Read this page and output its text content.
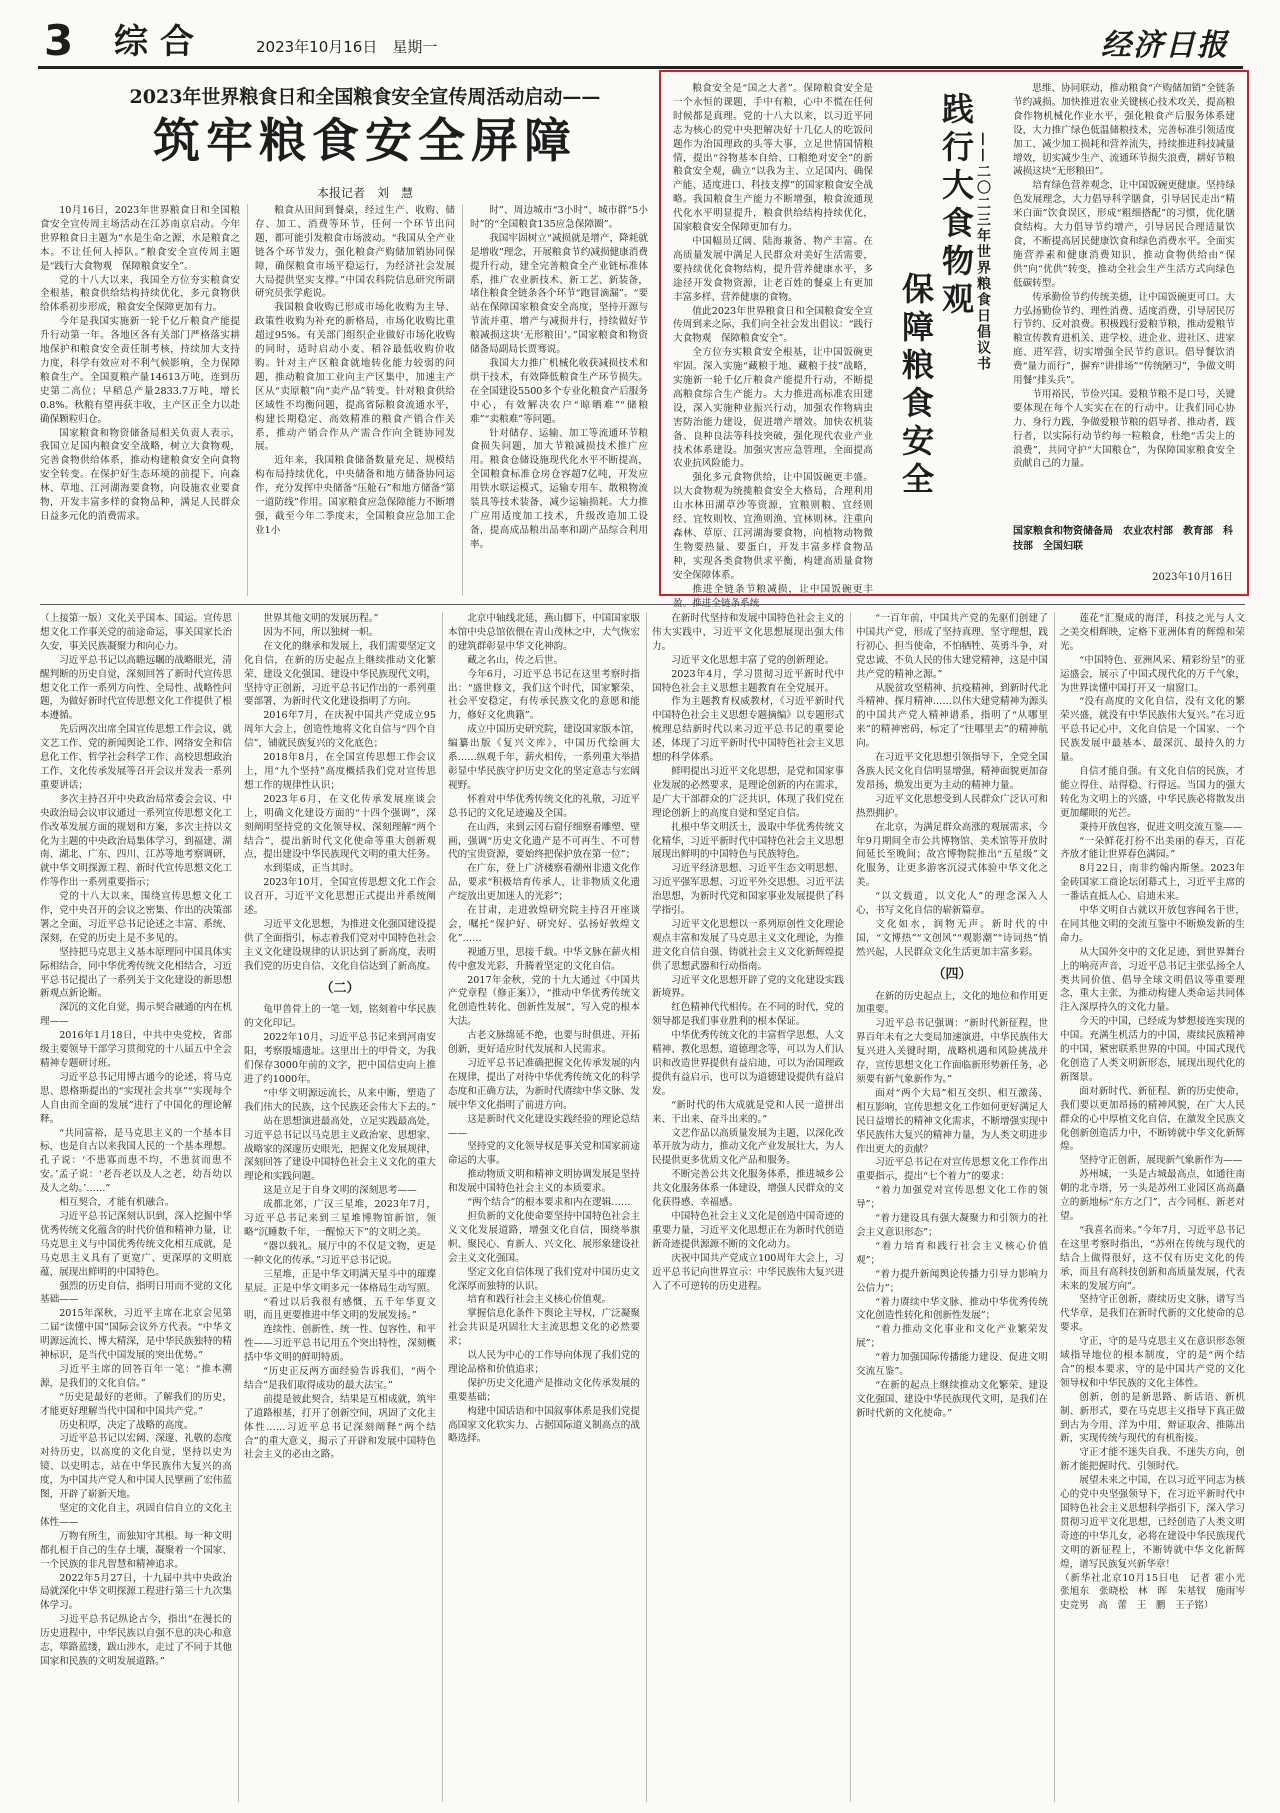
3 综合	2023年10月16日　星期一	经济日报
2023年世界粮食日和全国粮食安全宣传周活动启动——
筑牢粮食安全屏障
本报记者　刘　慧

10月16日，2023年世界粮食日和全国粮食安全宣传周主场活动在江苏南京启动。今年世界粮食日主题为“水是生命之源，水是粮食之本。不让任何人掉队。”粮食安全宣传周主题是“践行大食物观　保障粮食安全”。

党的十八大以来，我国全方位夯实粮食安全根基，粮食供给结构持续优化，多元食物供给体系初步形成，粮食安全保障更加有力。

今年是我国实施新一轮千亿斤粮食产能提升行动第一年。各地区各有关部门严格落实耕地保护和粮食安全责任制考核，持续加大支持力度，科学有效应对不利气候影响，全力保障粮食生产。全国夏粮产量14613万吨，连到历史第二高位；早稻总产量2833.7万吨，增长0.8%。秋粮有望再获丰收，主产区正全力以赴确保颗粒归仓。

国家粮食和物资储备局相关负责人表示，我国立足国内粮食安全战略，树立大食物观，完善食物供给体系，推动构建粮食安全向食物安全转变。在保护好生态环境的前提下，向森林、草地、江河湖海要食物，向设施农业要食物，开发丰富多样的食物品种，满足人民群众日益多元化的消费需求。

粮食从田间到餐桌，经过生产、收购、储存、加工、消费等环节，任何一个环节出问题，都可能引发粮食市场波动。“我国从全产业链各个环节发力，强化粮食产购储加销协同保障，确保粮食市场平稳运行，为经济社会发展大局提供坚实支撑。”中国农科院信息研究所副研究员张学彪说。

我国粮食收购已形成市场化收购为主导、政策性收购为补充的新格局，市场化收购比重超过95%。有关部门组织企业做好市场化收购的同时，适时启动小麦、稻谷最低收购价收购。针对主产区粮食就地转化能力较弱的问题，推动粮食加工业向主产区集中，加速主产区从“卖原粮”向“卖产品”转变。针对粮食供给区域性不均衡问题，提高省际粮食流通水平，构建长期稳定、高效精准的粮食产销合作关系，推动产销合作从产需合作向全链协同发展。

近年来，我国粮食储备数量充足、规模结构布局持续优化，中央储备和地方储备协同运作，充分发挥中央储备“压舱石”和地方储备“第一道防线”作用。国家粮食应急保障能力不断增强，截至今年二季度末，全国粮食应急加工企业1小

时”、周边城市“3小时”、城市群“5小时”的“全国粮食135应急保障圈”。

我国牢固树立“减损就是增产，降耗就是增收”理念，开展粮食节约减损健康消费提升行动，建全完善粮食全产业链标准体系，推广农业新技术、新工艺、新装备，堵住粮食全链条各个环节“跑冒滴漏”。“要站在保障国家粮食安全高度，坚持开源与节流并重、增产与减损并行，持续做好节粮减损这块‘无形粮田’。”国家粮食和物资储备局副局长贾骞说。

我国大力推广机械化收获减损技术和烘干技术，有效降低粮食生产环节损失。在全国建设5500多个专业化粮食产后服务中心，有效解决农户“晾晒难”“储粮难”“卖粮难”等问题。

针对储存、运输、加工等流通环节粮食损失问题，加大节粮减损技术推广应用。粮食仓储设施现代化水平不断提高，全国粮食标准仓房仓容超7亿吨，开发应用铁水联运模式，运输专用车、散粮物流装具等技术装备，减少运输损耗。大力推广应用适度加工技术，升级改造加工设备，提高成品粮出品率和副产品综合利用率。

粮食安全是“国之大者”。保障粮食安全是一个永恒的课题，手中有粮，心中不慌在任何时候都是真理。党的十八大以来，以习近平同志为核心的党中央把解决好十几亿人的吃饭问题作为治国理政的头等大事，立足世情国情粮情，提出“谷物基本自给、口粮绝对安全”的新粮食安全观，确立“以我为主、立足国内、确保产能、适度进口、科技支撑”的国家粮食安全战略。我国粮食生产能力不断增强，粮食流通现代化水平明显提升，粮食供给结构持续优化，国家粮食安全保障更加有力。

中国幅员辽阔、陆海兼备、物产丰富。在高质量发展中满足人民群众对美好生活需要，要持续优化食物结构，提升营养健康水平，多途径开发食物资源，让老百姓的餐桌上有更加丰富多样、营养健康的食物。

值此2023年世界粮食日和全国粮食安全宣传周到来之际，我们向全社会发出倡议：“践行大食物观　保障粮食安全”。

全方位夯实粮食安全根基，让中国饭碗更牢固。深入实施“藏粮于地、藏粮于技”战略，实施新一轮千亿斤粮食产能提升行动，不断提高粮食综合生产能力。大力推进高标准农田建设，深入实施种业振兴行动，加强农作物病虫害防治能力建设，促进增产增效。加快农机装备、良种良法等科技突破，强化现代农业产业技术体系建设。加强灾害应急管理，全面提高农业抗风险能力。

强化多元食物供给，让中国饭碗更丰盛。以大食物观为统揽粮食安全大格局，合理利用山水林田湖草沙等资源，宜粮则粮、宜经则经、宜牧则牧、宜渔则渔、宜林则林。注重向森林、草原、江河湖海要食物，向植物动物微生物要热量、要蛋白，开发丰富多样食物品种，实现各类食物供求平衡，构建高质量食物安全保障体系。

推进全链条节粮减损，让中国饭碗更丰盈。推进全链条系统

践行大食物观
保障粮食安全
——二〇二三年世界粮食日倡议书

思维、协同联动，推动粮食“产购储加销”全链条节约减损。加快推进农业关键核心技术攻关，提高粮食作物机械化作业水平，强化粮食产后服务体系建设，大力推广绿色低温储粮技术，完善标准引领适度加工、减少加工损耗和营养流失，持续推进科技减量增效，切实减少生产、流通环节损失浪费，耕好节粮减损这块“无形粮田”。

培育绿色营养观念，让中国饭碗更健康。坚持绿色发展理念，大力倡导科学膳食，引导居民走出“精米白面”饮食误区，形成“粗细搭配”的习惯，优化膳食结构。大力倡导节约增产，引导居民合理适量饮食，不断提高居民健康饮食和绿色消费水平。全面实施营养素和健康消费知识，推动食物供给由“保供”向“优供”转变，推动全社会生产生活方式向绿色低碳转型。

传承勤俭节约传统美德，让中国饭碗更可口。大力弘扬勤俭节约、理性消费、适度消费，引导居民厉行节约、反对浪费。积极践行爱粮节粮，推动爱粮节粮宣传教育进机关、进学校、进企业、进社区、进家庭、进军营，切实增强全民节约意识。倡导餐饮消费“量力而行”，摒弃“讲排场”“传统陋习”，争做文明用餐“排头兵”。

节用裕民，节俭兴国。爱粮节粮不是口号，关键要体现在每个人实实在在的行动中。让我们同心协力、身行力践，争做爱粮节粮的倡导者、推动者，践行者，以实际行动节约每一粒粮食，杜绝“舌尖上的浪费”，共同守护“大国粮仓”，为保障国家粮食安全贡献自己的力量。

国家粮食和物资储备局　农业农村部　教育部　科技部　全国妇联
2023年10月16日

（上接第一版）文化关乎国本、国运。宣传思想文化工作事关党的前途命运，事关国家长治久安，事关民族凝聚力和向心力。

习近平总书记以高瞻远瞩的战略眼光，清醒判断的历史自觉，深刻回答了新时代宣传思想文化工作一系列方向性、全局性、战略性问题，为做好新时代宣传思想文化工作提供了根本遵循。

先后两次出席全国宣传思想工作会议，就文艺工作、党的新闻舆论工作、网络安全和信息化工作、哲学社会科学工作、高校思想政治工作、文化传承发展等召开会议并发表一系列重要讲话；

多次主持召开中央政治局常委会会议、中央政治局会议审议通过一系列宣传思想文化工作改革发展方面的规划和方案，多次主持以文化为主题的中央政治局集体学习，到福建、湖南、湖北、广东、四川、江苏等地考察调研，就中华文明探源工程、新时代宣传思想文化工作等作出一系列重要指示；

党的十八大以来，围绕宣传思想文化工作，党中央召开的会议之密集、作出的决策部署之全面，习近平总书记论述之丰富、系统、深刻，在党的历史上是不多见的。

坚持把马克思主义基本原理同中国具体实际相结合，同中华优秀传统文化相结合，习近平总书记提出了一系列关于文化建设的新思想新观点新论断。

深沉的文化自觉，揭示契合融通的内在机理——

2016年1月18日，中共中央党校，省部级主要领导干部学习贯彻党的十八届五中全会精神专题研讨班。

习近平总书记用博古通今的论述，将马克思、恩格斯提出的“实现社会共享”“实现每个人自由而全面的发展”进行了中国化的理论解释。

“共同富裕，是马克思主义的一个基本目标，也是自古以来我国人民的一个基本理想。孔子说：‘不患寡而患不均，不患贫而患不安。’孟子说：‘老吾老以及人之老，幼吾幼以及人之幼。’……”

相互契合，才能有机融合。

习近平总书记深刻认识到，深入挖掘中华优秀传统文化蕴含的时代价值和精神力量，让马克思主义与中国优秀传统文化相互成就，是马克思主义具有了更宽广、更深厚的文明底蕴，展现出鲜明的中国特色。

强烈的历史自信，指明日用而不觉的文化基础——

2015年深秋，习近平主席在北京会见第二届“读懂中国”国际会议外方代表。“中华文明源远流长、博大精深，是中华民族独特的精神标识，是当代中国发展的突出优势。”

习近平主席的回答百年一笔：“推本溯源，是我们的文化自信。”

“历史是最好的老师。了解我们的历史，才能更好理解当代中国和中国共产党。”

历史积厚，决定了战略的高度。

习近平总书记以宏阔、深邃、礼敬的态度对待历史，以高度的文化自觉，坚持以史为镜、以史明志，站在中华民族伟大复兴的高度，为中国共产党人和中国人民擘画了宏伟蓝图，开辟了崭新天地。

坚定的文化自主，巩固自信自立的文化主体性——

万物有所生，而独知守其根。每一种文明都扎根于自己的生存土壤，凝聚着一个国家、一个民族的非凡智慧和精神追求。

2022年5月27日，十九届中共中央政治局就深化中华文明探源工程进行第三十九次集体学习。

习近平总书记纵论古今，指出“在漫长的历史进程中，中华民族以自强不息的决心和意志，筚路蓝缕，跋山涉水，走过了不同于其他国家和民族的文明发展道路。”

世界其他文明的发展历程。”

因为不同，所以独树一帜。

在文化的继承和发展上，我们需要坚定文化自信，在新的历史起点上继续推动文化繁荣、建设文化强国、建设中华民族现代文明，坚持守正创新，习近平总书记作出的一系列重要部署，为新时代文化建设指明了方向。

2016年7月，在庆祝中国共产党成立95周年大会上，创造性地将文化自信与“四个自信”，铺就民族复兴的文化底色；

2018年8月，在全国宣传思想工作会议上，用“九个坚持”高度概括我们党对宣传思想工作的规律性认识；

2023年6月，在文化传承发展座谈会上，明确文化建设方面的“十四个强调”，深刻阐明坚持党的文化领导权、深刻理解“两个结合”，提出新时代文化使命等重大创新观点，提出建设中华民族现代文明的重大任务。

水到渠成，正当其时。

2023年10月，全国宣传思想文化工作会议召开，习近平文化思想正式提出并系统阐述。

习近平文化思想，为推进文化强国建设提供了全面指引，标志着我们党对中国特色社会主义文化建设规律的认识达到了新高度，表明我们党的历史自信、文化自信达到了新高度。

（二）

龟甲兽骨上的一笔一划，铭刻着中华民族的文化印记。

2022年10月，习近平总书记来到河南安阳，考察殷墟遗址。这里出土的甲骨文，为我们保存3000年前的文字，把中国信史向上推进了约1000年。

“中华文明源远流长，从来中断，塑造了我们伟大的民族，这个民族还会伟大下去的。”

站在思想演进最高处，立足实践最高处，习近平总书记以马克思主义政治家、思想家、战略家的深邃历史眼光，把握文化发展规律，深刻回答了建设中国特色社会主义文化的重大理论和实践问题。

这是立足于自身文明的深刻思考——

成都北郊，广汉三星堆，2023年7月，习近平总书记来到三星堆博物馆新馆，领略“沉睡数千年，一醒惊天下”的文明之美。

“器以载礼。展厅中的不仅是文物，更是一种文化的传承。”习近平总书记说。

三星堆，正是中华文明满天星斗中的璀璨星辰。正是中华文明多元一体格局生动写照。

“看过以后我很有感慨，五千年华夏文明，而且更要推进中华文明的发展发扬。”

连续性、创新性、统一性、包容性、和平性——习近平总书记用五个突出特性，深刻概括中华文明的鲜明特质。

“历史正反两方面经验告诉我们，“两个结合”是我们取得成功的最大法宝。”

前提是彼此契合，结果是互相成就，筑牢了道路根基，打开了创新空间，巩固了文化主体性……习近平总书记深刻阐释“两个结合”的重大意义，揭示了开辟和发展中国特色社会主义的必由之路。

北京中轴线北延，燕山脚下，中国国家版本馆中央总馆依偎在青山茂林之中，大气恢宏的建筑群彰显中华文化神韵。

藏之名山，传之后世。

今年6月，习近平总书记在这里考察时指出：“盛世修文，我们这个时代，国家繁荣、社会平安稳定，有传承民族文化的意愿和能力，修好文化典籍”。

成立中国历史研究院，建设国家版本馆，编纂出版《复兴文库》，中国历代绘画大系……纵观千年，薪火相传，一系列重大举措彰显中华民族守护历史文化的坚定意志与宏阔视野。

怀着对中华优秀传统文化的礼敬，习近平总书记的文化足迹遍及全国。

在山西，来到云冈石窟仔细察看雕塑、壁画，强调“历史文化遗产是不可再生、不可替代的宝贵资源，要始终把保护放在第一位”；

在广东，登上广济楼察看潮州非遗文化作品，要求“积极培育传承人，让非物质文化遗产绽放出更加迷人的光彩”；

在甘肃，走进敦煌研究院主持召开座谈会，嘱托“保护好、研究好、弘扬好敦煌文化”……

视通万里，思接千载。中华文脉在薪火相传中愈发光彩，升腾着坚定的文化自信。

2017年金秋，党的十九大通过《中国共产党章程（修正案）》，“推动中华优秀传统文化创造性转化、创新性发展”，写入党的根本大法。

古老文脉绵延不绝，也要与时俱进、开拓创新，更好适应时代发展和人民需求。

习近平总书记准确把握文化传承发展的内在规律，提出了对待中华优秀传统文化的科学态度和正确方法，为新时代赓续中华文脉、发展中华文化指明了前进方向。

这是新时代文化建设实践经验的理论总结——

坚持党的文化领导权是事关党和国家前途命运的大事。

推动物质文明和精神文明协调发展是坚持和发展中国特色社会主义的本质要求。

“两个结合”的根本要求和内在逻辑……

担负新的文化使命要坚持中国特色社会主义文化发展道路，增强文化自信，围绕举旗帜、聚民心、育新人、兴文化、展形象建设社会主义文化强国。

坚定文化自信体现了我们党对中国历史文化深厚而独特的认识。

培育和践行社会主义核心价值观。

掌握信息化条件下舆论主导权，广泛凝聚社会共识是巩固壮大主流思想文化的必然要求；

以人民为中心的工作导向体现了我们党的理论品格和价值追求；

保护历史文化遗产是推动文化传承发展的重要基础；

构建中国话语和中国叙事体系是我们党提高国家文化软实力、占据国际道义制高点的战略选择。

在新时代坚持和发展中国特色社会主义的伟大实践中，习近平文化思想展现出强大伟力。

习近平文化思想丰富了党的创新理论。

2023年4月，学习贯彻习近平新时代中国特色社会主义思想主题教育在全党展开。

作为主题教育权威教材，《习近平新时代中国特色社会主义思想专题摘编》以专题形式梳理总结新时代以来习近平总书记的重要论述，体现了习近平新时代中国特色社会主义思想的科学体系。

鲜明提出习近平文化思想，是党和国家事业发展的必然要求，是理论创新的内在需求，是广大干部群众的广泛共识，体现了我们党在理论创新上的高度自觉和坚定自信。

扎根中华文明沃土，汲取中华优秀传统文化精华，习近平新时代中国特色社会主义思想展现出鲜明的中国特色与民族特色。

习近平经济思想、习近平生态文明思想、习近平强军思想、习近平外交思想、习近平法治思想，为新时代党和国家事业发展提供了科学指引。

习近平文化思想以一系列原创性文化理论观点丰富和发展了马克思主义文化理论，为推进文化自信自强、铸就社会主义文化新辉煌提供了思想武器和行动指南。

习近平文化思想开辟了党的文化建设实践新境界。

红色精神代代相传。在不同的时代，党的领导都是我们事业胜利的根本保证。

中华优秀传统文化的丰富哲学思想、人文精神、教化思想、道德理念等，可以为人们认识和改造世界提供有益启迪，可以为治国理政提供有益启示，也可以为道德建设提供有益启发。

“新时代的伟大成就是党和人民一道拼出来、干出来、奋斗出来的。”

文艺作品以高质量发展为主题，以深化改革开放为动力，推动文化产业发展壮大，为人民提供更多优质文化产品和服务。

不断完善公共文化服务体系，推进城乡公共文化服务体系一体建设，增强人民群众的文化获得感、幸福感。

中国特色社会主义文化是创造中国奇迹的重要力量，习近平文化思想正在为新时代创造新奇迹提供源源不断的文化动力。

庆祝中国共产党成立100周年大会上，习近平总书记向世界宣示：中华民族伟大复兴进入了不可逆转的历史进程。

“一百年前，中国共产党的先驱们创建了中国共产党，形成了坚持真理、坚守理想，践行初心、担当使命，不怕牺牲、英勇斗争，对党忠诚、不负人民的伟大建党精神，这是中国共产党的精神之源。”

从脱贫攻坚精神、抗疫精神，到新时代北斗精神、探月精神……以伟大建党精神为源头的中国共产党人精神谱系，指明了“从哪里来”的精神密码，标定了“往哪里去”的精神航向。

在习近平文化思想引领指导下，全党全国各族人民文化自信明显增强，精神面貌更加奋发昂扬，焕发出更为主动的精神力量。

习近平文化思想受到人民群众广泛认可和热烈拥护。

在北京，为满足群众高涨的观展需求，今年9月期间全市公共博物馆、美术馆等开放时间延长至晚间；故宫博物院推出“五星级”文化服务，让更多游客沉浸式体验中华文化之美。

“以文载道，以文化人”的理念深入人心，书写文化自信的崭新篇章。

文化如水，润物无声。新时代的中国，“文博热”“文创风”“观影潮”“诗词热”悄然兴起，人民群众文化生活更加丰富多彩。

（四）

在新的历史起点上，文化的地位和作用更加重要。

习近平总书记强调：“新时代新征程，世界百年未有之大变局加速演进，中华民族伟大复兴进入关键时期，战略机遇和风险挑战并存，宣传思想文化工作面临新形势新任务，必须要有新气象新作为。”

面对“两个大局”相互交织、相互激荡、相互影响，宣传思想文化工作如何更好满足人民日益增长的精神文化需求，不断增强实现中华民族伟大复兴的精神力量，为人类文明进步作出更大的贡献？

习近平总书记在对宣传思想文化工作作出重要指示，提出“七个着力”的要求：

“着力加强党对宣传思想文化工作的领导”；

“着力建设具有强大凝聚力和引领力的社会主义意识形态”；

“着力培育和践行社会主义核心价值观”；

“着力提升新闻舆论传播力引导力影响力公信力”；

“着力赓续中华文脉、推动中华优秀传统文化创造性转化和创新性发展”；

“着力推动文化事业和文化产业繁荣发展”；

“着力加强国际传播能力建设、促进文明交流互鉴”。

“在新的起点上继续推动文化繁荣、建设文化强国、建设中华民族现代文明，是我们在新时代新的文化使命。”

莲花“汇聚成的海洋，科技之光与人文之美交相辉映，定格下亚洲体育的辉煌和荣光。

“中国特色、亚洲风采、精彩纷呈”的亚运盛会，展示了中国式现代化的万千气象，为世界读懂中国打开又一扇窗口。

“没有高度的文化自信，没有文化的繁荣兴盛，就没有中华民族伟大复兴。”在习近平总书记心中，文化自信是一个国家、一个民族发展中最基本、最深沉、最持久的力量。

自信才能自强。有文化自信的民族，才能立得住、站得稳、行得远。当国力的强大转化为文明上的兴盛，中华民族必将散发出更加耀眼的光芒。

秉持开放包容，促进文明交流互鉴——

“一朵鲜花打扮不出美丽的春天，百花齐放才能让世界春色满园。”

8月22日，南非约翰内斯堡。2023年金砖国家工商论坛闭幕式上，习近平主席的一番话直抵人心、启迪未来。

中华文明自古就以开放包容闻名于世，在同其他文明的交流互鉴中不断焕发新的生命力。

从大国外交中的文化足迹，到世界舞台上的响亮声音，习近平总书记主张弘扬全人类共同价值、倡导全球文明倡议等重要理念，重大主张，为推动构建人类命运共同体注入深厚持久的文化力量。

今天的中国，已经成为梦想接连实现的中国。充满生机活力的中国，赓续民族精神的中国，紧密联系世界的中国。中国式现代化创造了人类文明新形态，展现出现代化的新图景。

面对新时代、新征程、新的历史使命，我们要以更加昂扬的精神风貌，在广大人民群众的心中厚植文化自信，在激发全民族文化创新创造活力中，不断铸就中华文化新辉煌。

坚持守正创新，展现新气象新作为——

苏州城，一头是古城最高点，如通往南朝的北寺塔，另一头是苏州工业园区高高矗立的新地标“东方之门”，古今同框、新老对望。

“我喜名而来。”今年7月，习近平总书记在这里考察时指出，“苏州在传统与现代的结合上做得很好，这不仅有历史文化的传承，而且有高科技创新和高质量发展，代表未来的发展方向”。

坚持守正创新，赓续历史文脉，谱写当代华章，是我们在新时代新的文化使命的总要求。

守正，守的是马克思主义在意识形态领域指导地位的根本制度，守的是“两个结合”的根本要求，守的是中国共产党的文化领导权和中华民族的文化主体性。

创新，创的是新思路、新话语、新机制、新形式，要在马克思主义指导下真正做到古为今用、洋为中用、辩证取舍、推陈出新，实现传统与现代的有机衔接。

守正才能不迷失自我、不迷失方向，创新才能把握时代、引领时代。

展望未来之中国，在以习近平同志为核心的党中央坚强领导下，在习近平新时代中国特色社会主义思想科学指引下，深入学习贯彻习近平文化思想，已经创造了人类文明奇迹的中华儿女，必将在建设中华民族现代文明的新征程上，不断铸就中华文化新辉煌，谱写民族复兴新华章！

（新华社北京10月15日电　记者 霍小光　张旭东　张晓松　林　晖　朱基钗　施雨岑　史竞男　高　蕾　王　鹏　王子铭）
